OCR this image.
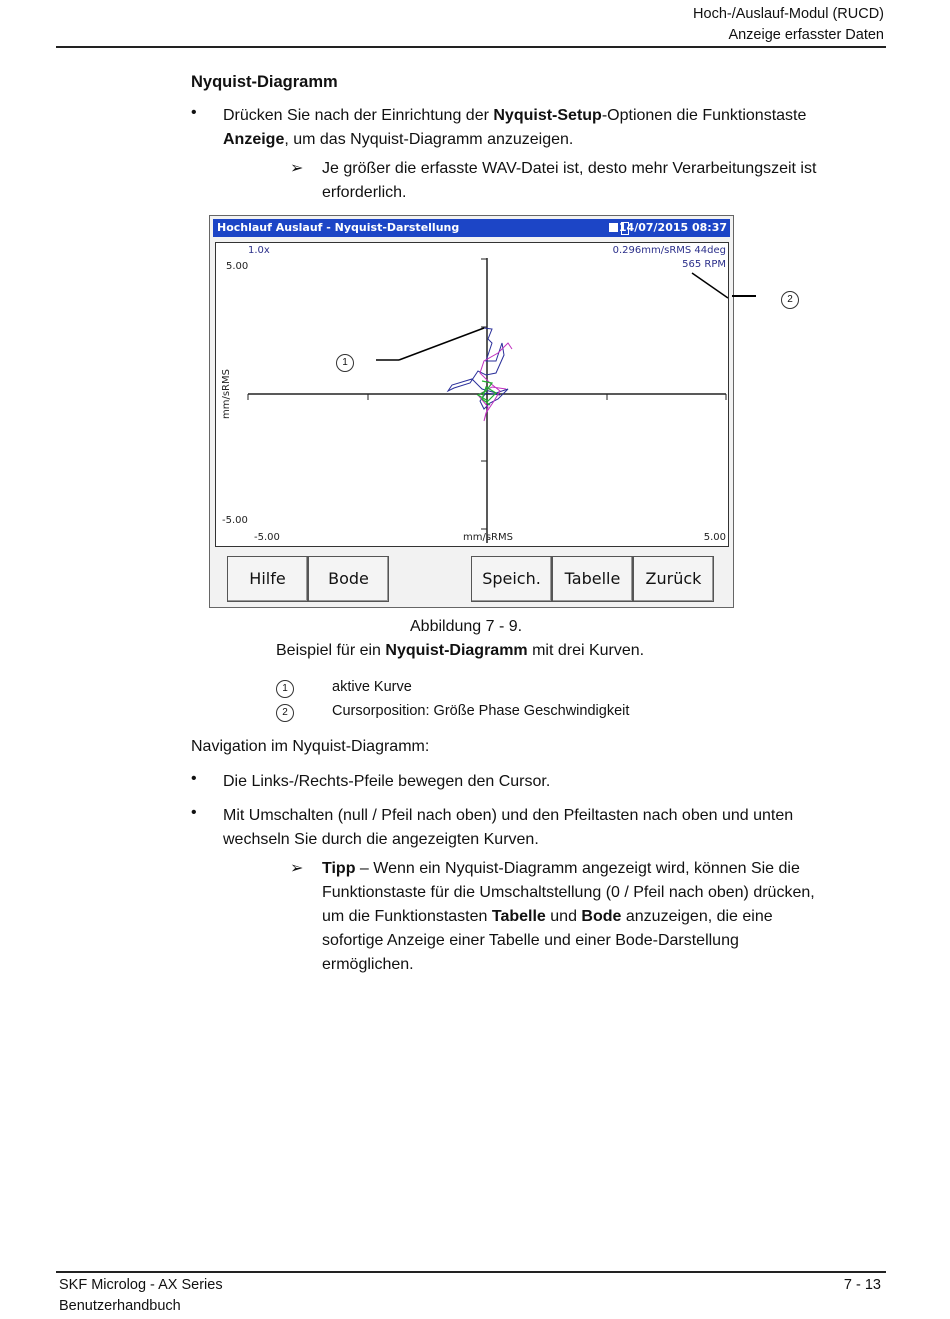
Hoch-/Auslauf-Modul (RUCD)
Anzeige erfasster Daten
Nyquist-Diagramm
• Drücken Sie nach der Einrichtung der Nyquist-Setup-Optionen die Funktionstaste
Anzeige, um das Nyquist-Diagramm anzuzeigen.
➢ Je größer die erfasste WAV-Datei ist, desto mehr Verarbeitungszeit ist
erforderlich.
Hochlauf Auslauf - Nyquist-Darstellung	14/07/2015 08:37
1.0x	0.296mm/sRMS 44deg
565 RPM
5.00
-5.00
-5.00	5.00
mm/sRMS
mm/sRMS
Hilfe	Bode	Speich.	Tabelle	Zurück
1
2
Abbildung 7 - 9.
Beispiel für ein Nyquist-Diagramm mit drei Kurven.
1	aktive Kurve
2	Cursorposition: Größe Phase Geschwindigkeit
Navigation im Nyquist-Diagramm:
• Die Links-/Rechts-Pfeile bewegen den Cursor.
• Mit Umschalten (null / Pfeil nach oben) und den Pfeiltasten nach oben und unten
wechseln Sie durch die angezeigten Kurven.
➢ Tipp – Wenn ein Nyquist-Diagramm angezeigt wird, können Sie die
Funktionstaste für die Umschaltstellung (0 / Pfeil nach oben) drücken,
um die Funktionstasten Tabelle und Bode anzuzeigen, die eine
sofortige Anzeige einer Tabelle und einer Bode-Darstellung
ermöglichen.
SKF Microlog - AX Series
Benutzerhandbuch
7 - 13
